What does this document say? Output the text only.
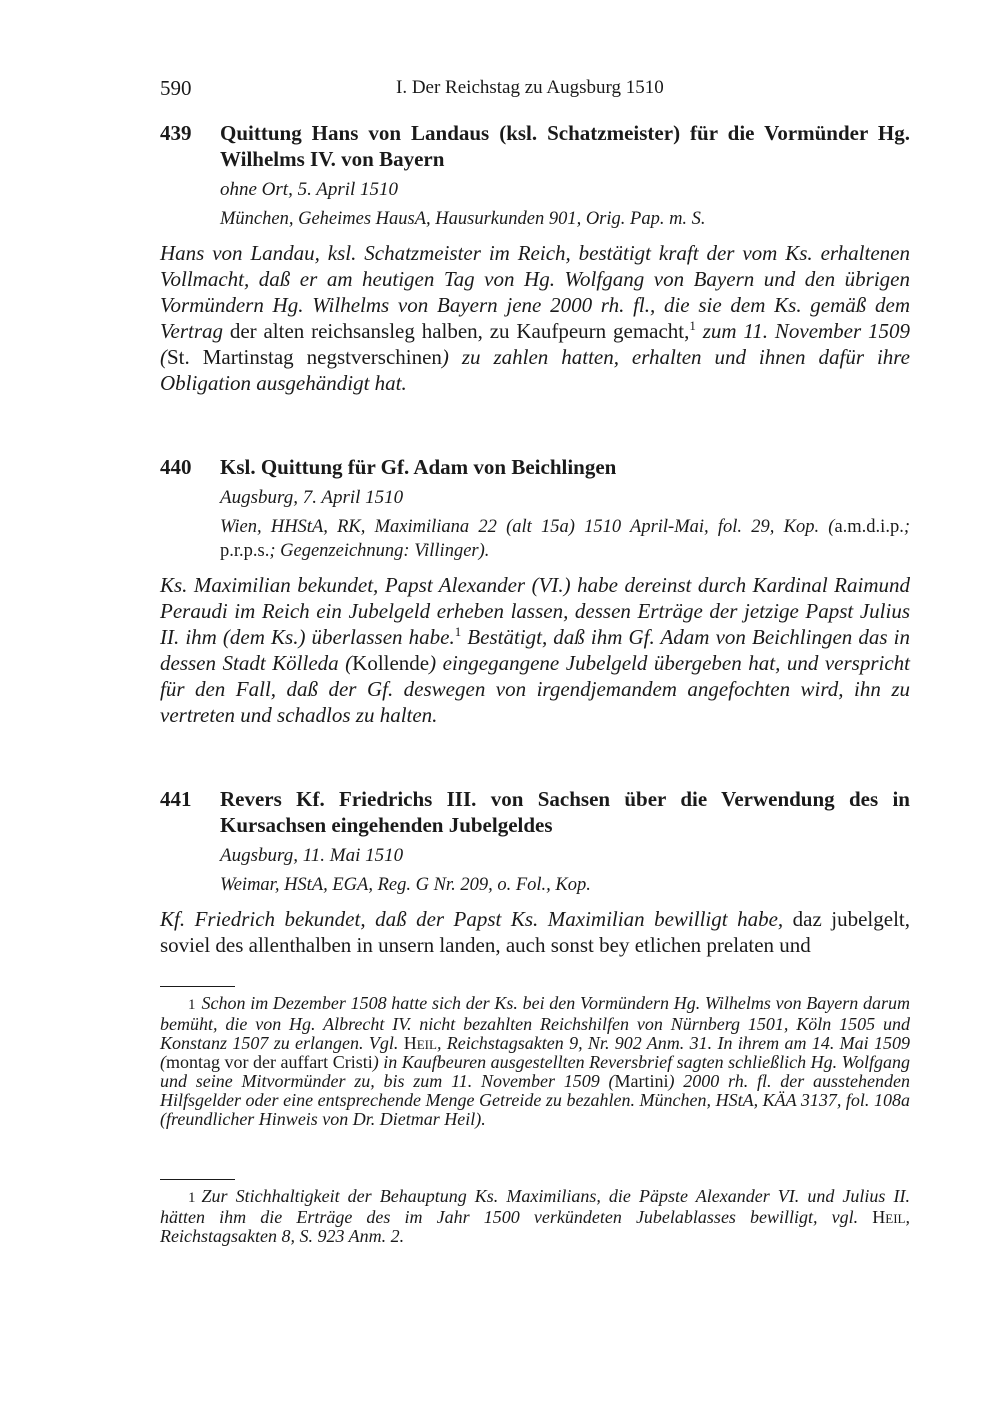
590	I. Der Reichstag zu Augsburg 1510
439	Quittung Hans von Landaus (ksl. Schatzmeister) für die Vormünder Hg. Wilhelms IV. von Bayern
ohne Ort, 5. April 1510
München, Geheimes HausA, Hausurkunden 901, Orig. Pap. m. S.
Hans von Landau, ksl. Schatzmeister im Reich, bestätigt kraft der vom Ks. erhaltenen Vollmacht, daß er am heutigen Tag von Hg. Wolfgang von Bayern und den übrigen Vormündern Hg. Wilhelms von Bayern jene 2000 rh. fl., die sie dem Ks. gemäß dem Vertrag der alten reichsansleg halben, zu Kaufpeurn gemacht,$^1$ zum 11. November 1509 (St. Martinstag negstverschinen) zu zahlen hatten, erhalten und ihnen dafür ihre Obligation ausgehändigt hat.
440	Ksl. Quittung für Gf. Adam von Beichlingen
Augsburg, 7. April 1510
Wien, HHStA, RK, Maximiliana 22 (alt 15a) 1510 April-Mai, fol. 29, Kop. (a.m.d.i.p.; p.r.p.s.; Gegenzeichnung: Villinger).
Ks. Maximilian bekundet, Papst Alexander (VI.) habe dereinst durch Kardinal Raimund Peraudi im Reich ein Jubelgeld erheben lassen, dessen Erträge der jetzige Papst Julius II. ihm (dem Ks.) überlassen habe.$^1$ Bestätigt, daß ihm Gf. Adam von Beichlingen das in dessen Stadt Kölleda (Kollende) eingegangene Jubelgeld übergeben hat, und verspricht für den Fall, daß der Gf. deswegen von irgendjemandem angefochten wird, ihn zu vertreten und schadlos zu halten.
441	Revers Kf. Friedrichs III. von Sachsen über die Verwendung des in Kursachsen eingehenden Jubelgeldes
Augsburg, 11. Mai 1510
Weimar, HStA, EGA, Reg. G Nr. 209, o. Fol., Kop.
Kf. Friedrich bekundet, daß der Papst Ks. Maximilian bewilligt habe, daz jubelgelt, soviel des allenthalben in unsern landen, auch sonst bey etlichen prelaten und
1 Schon im Dezember 1508 hatte sich der Ks. bei den Vormündern Hg. Wilhelms von Bayern darum bemüht, die von Hg. Albrecht IV. nicht bezahlten Reichshilfen von Nürnberg 1501, Köln 1505 und Konstanz 1507 zu erlangen. Vgl. Heil, Reichstagsakten 9, Nr. 902 Anm. 31. In ihrem am 14. Mai 1509 (montag vor der auffart Cristi) in Kaufbeuren ausgestellten Reversbrief sagten schließlich Hg. Wolfgang und seine Mitvormünder zu, bis zum 11. November 1509 (Martini) 2000 rh. fl. der ausstehenden Hilfsgelder oder eine entsprechende Menge Getreide zu bezahlen. München, HStA, KÄA 3137, fol. 108a (freundlicher Hinweis von Dr. Dietmar Heil).
1 Zur Stichhaltigkeit der Behauptung Ks. Maximilians, die Päpste Alexander VI. und Julius II. hätten ihm die Erträge des im Jahr 1500 verkündeten Jubelablasses bewilligt, vgl. Heil, Reichstagsakten 8, S. 923 Anm. 2.
